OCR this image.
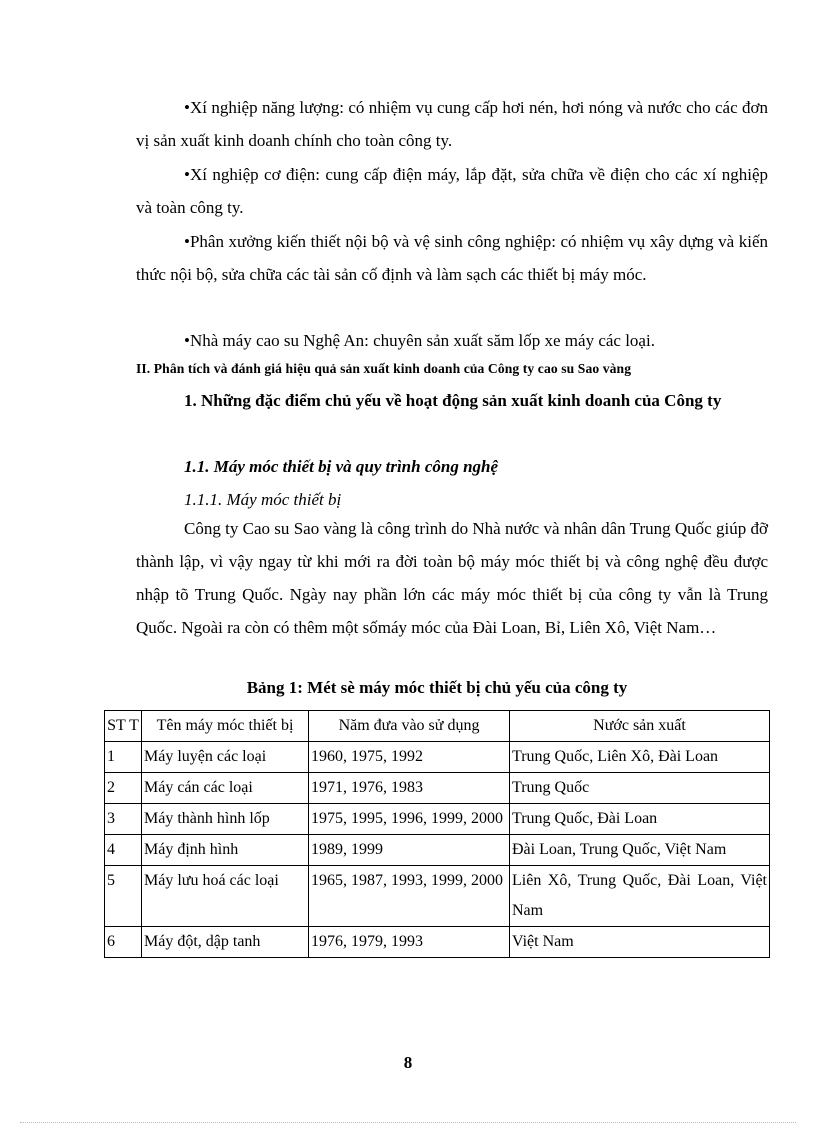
• Xí nghiệp năng lượng: có nhiệm vụ cung cấp hơi nén, hơi nóng và nước cho các đơn vị sản xuất kinh doanh chính cho toàn công ty.

• Xí nghiệp cơ điện: cung cấp điện máy, lắp đặt, sửa chữa về điện cho các xí nghiệp và toàn công ty.

• Phân xưởng kiến thiết nội bộ và vệ sinh công nghiệp: có nhiệm vụ xây dựng và kiến thức nội bộ, sửa chữa các tài sản cố định và làm sạch các thiết bị máy móc.

• Nhà máy cao su Nghệ An: chuyên sản xuất săm lốp xe máy các loại.

II. Phân tích và đánh giá hiệu quả sản xuất kinh doanh của Công ty cao su Sao vàng

1. Những đặc điểm chủ yếu về hoạt động sản xuất kinh doanh của Công ty

1.1. Máy móc thiết bị và quy trình công nghệ

1.1.1. Máy móc thiết bị

Công ty Cao su Sao vàng là công trình do Nhà nước và nhân dân Trung Quốc giúp đỡ thành lập, vì vậy ngay từ khi mới ra đời toàn bộ máy móc thiết bị và công nghệ đều được nhập tõ Trung Quốc. Ngày nay phần lớn các máy móc thiết bị của công ty vẫn là Trung Quốc. Ngoài ra còn có thêm một sốmáy móc của Đài Loan, Bỉ, Liên Xô, Việt Nam…

Bảng 1: Mét sè máy móc thiết bị chủ yếu của công ty
ST T	Tên máy móc thiết bị	Năm đưa vào sử dụng	Nước sản xuất
1	Máy luyện các loại	1960, 1975, 1992	Trung Quốc, Liên Xô, Đài Loan
2	Máy cán các loại	1971, 1976, 1983	Trung Quốc
3	Máy thành hình lốp	1975, 1995, 1996, 1999, 2000	Trung Quốc, Đài Loan
4	Máy định hình	1989, 1999	Đài Loan, Trung Quốc, Việt Nam
5	Máy lưu hoá các loại	1965, 1987, 1993, 1999, 2000	Liên Xô, Trung Quốc, Đài Loan, Việt Nam
6	Máy đột, dập tanh	1976, 1979, 1993	Việt Nam
8
